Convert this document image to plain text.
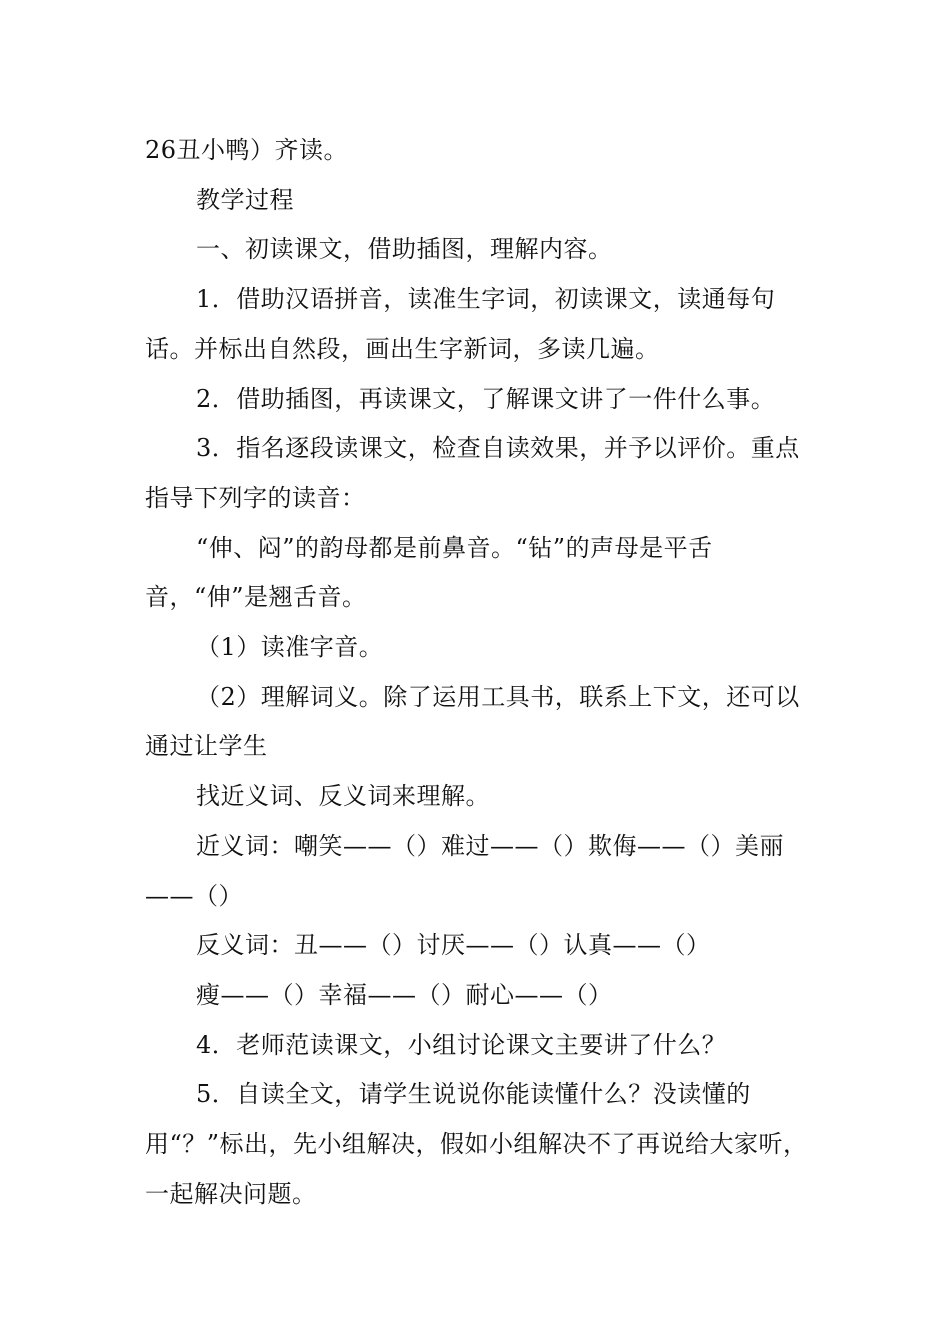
26丑小鸭）齐读。

教学过程

一、初读课文，借助插图，理解内容。

1．借助汉语拼音，读准生字词，初读课文，读通每句话。并标出自然段，画出生字新词，多读几遍。

2．借助插图，再读课文，了解课文讲了一件什么事。

3．指名逐段读课文，检查自读效果，并予以评价。重点指导下列字的读音：

“伸、闷”的韵母都是前鼻音。“钻”的声母是平舌音，“伸”是翘舌音。

（1）读准字音。

（2）理解词义。除了运用工具书，联系上下文，还可以通过让学生

找近义词、反义词来理解。

近义词：嘲笑——（）难过——（）欺侮——（）美丽——（）

反义词：丑——（）讨厌——（）认真——（）

瘦——（）幸福——（）耐心——（）

4．老师范读课文，小组讨论课文主要讲了什么？

5．自读全文，请学生说说你能读懂什么？没读懂的用“？”标出，先小组解决，假如小组解决不了再说给大家听，一起解决问题。
